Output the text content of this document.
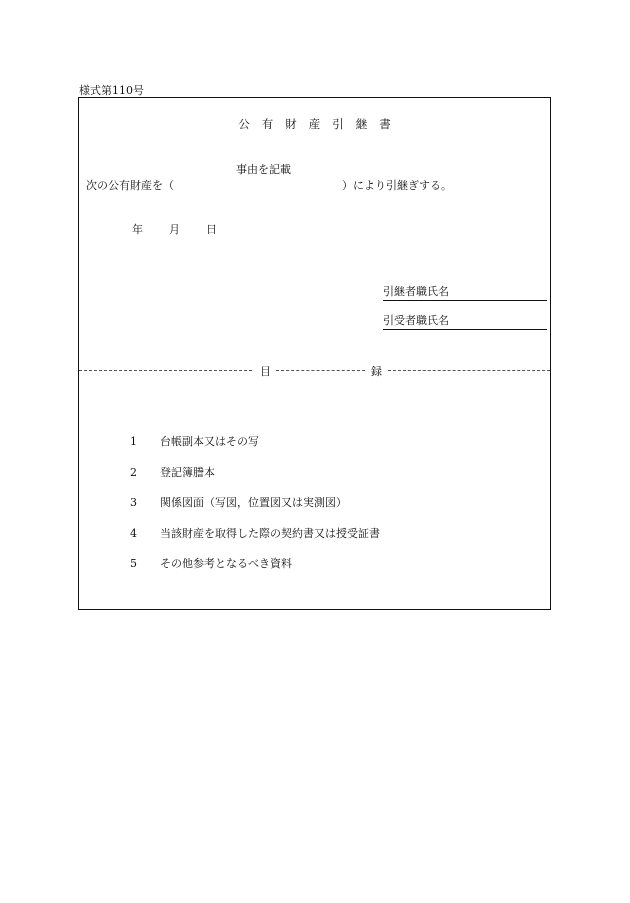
様式第110号
公有財産引継書
事由を記載
次の公有財産を（	）により引継ぎする。
年 月 日
引継者職氏名
引受者職氏名
目	録
1 台帳副本又はその写
2 登記簿謄本
3 関係図面（写図，位置図又は実測図）
4 当該財産を取得した際の契約書又は授受証書
5 その他参考となるべき資料
